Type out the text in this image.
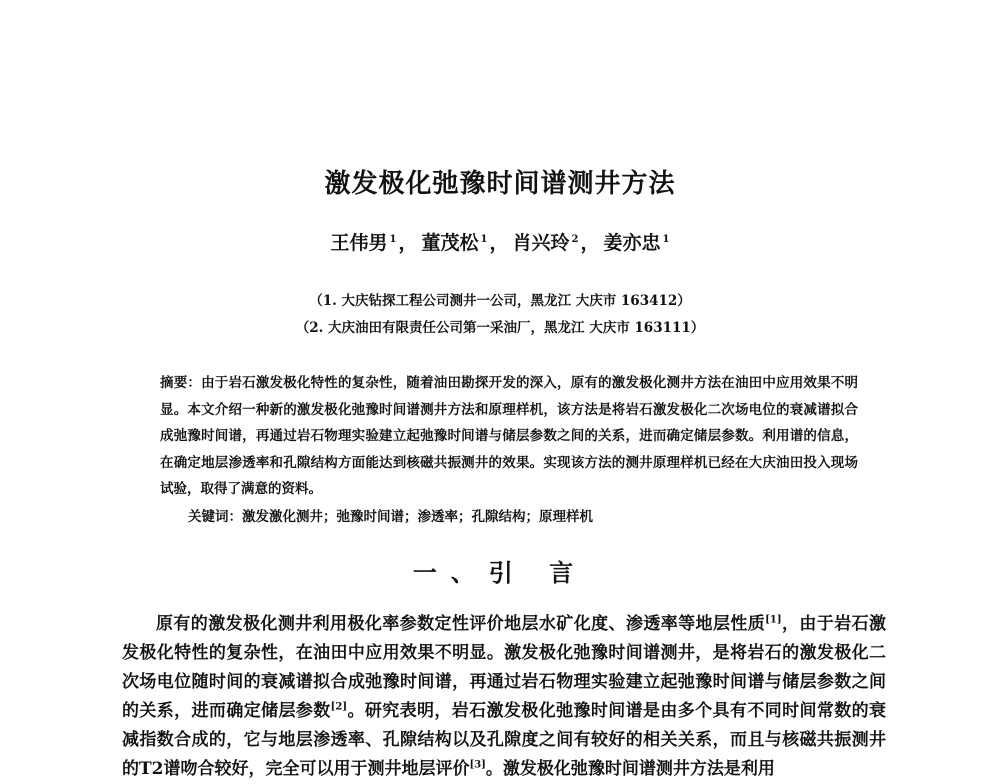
激发极化弛豫时间谱测井方法
王伟男 $^1$ ， 董茂松 $^1$ ， 肖兴玲 $^2$ ， 姜亦忠 $^1$
（1. 大庆钻探工程公司测井一公司，黑龙江 大庆市 163412）
（2. 大庆油田有限责任公司第一采油厂，黑龙江 大庆市 163111）
摘要：由于岩石激发极化特性的复杂性，随着油田勘探开发的深入，原有的激发极化测井方法在油田中应用效果不明显。本文介绍一种新的激发极化弛豫时间谱测井方法和原理样机，该方法是将岩石激发极化二次场电位的衰减谱拟合成弛豫时间谱，再通过岩石物理实验建立起弛豫时间谱与储层参数之间的关系，进而确定储层参数。利用谱的信息，在确定地层渗透率和孔隙结构方面能达到核磁共振测井的效果。实现该方法的测井原理样机已经在大庆油田投入现场试验，取得了满意的资料。
关键词：激发激化测井；弛豫时间谱；渗透率；孔隙结构；原理样机
一、引 言
原有的激发极化测井利用极化率参数定性评价地层水矿化度、渗透率等地层性质[1]，由于岩石激发极化特性的复杂性，在油田中应用效果不明显。激发极化弛豫时间谱测井，是将岩石的激发极化二次场电位随时间的衰减谱拟合成弛豫时间谱，再通过岩石物理实验建立起弛豫时间谱与储层参数之间的关系，进而确定储层参数[2]。研究表明，岩石激发极化弛豫时间谱是由多个具有不同时间常数的衰减指数合成的，它与地层渗透率、孔隙结构以及孔隙度之间有较好的相关关系，而且与核磁共振测井的T2谱吻合较好，完全可以用于测井地层评价[3]。激发极化弛豫时间谱测井方法是利用
